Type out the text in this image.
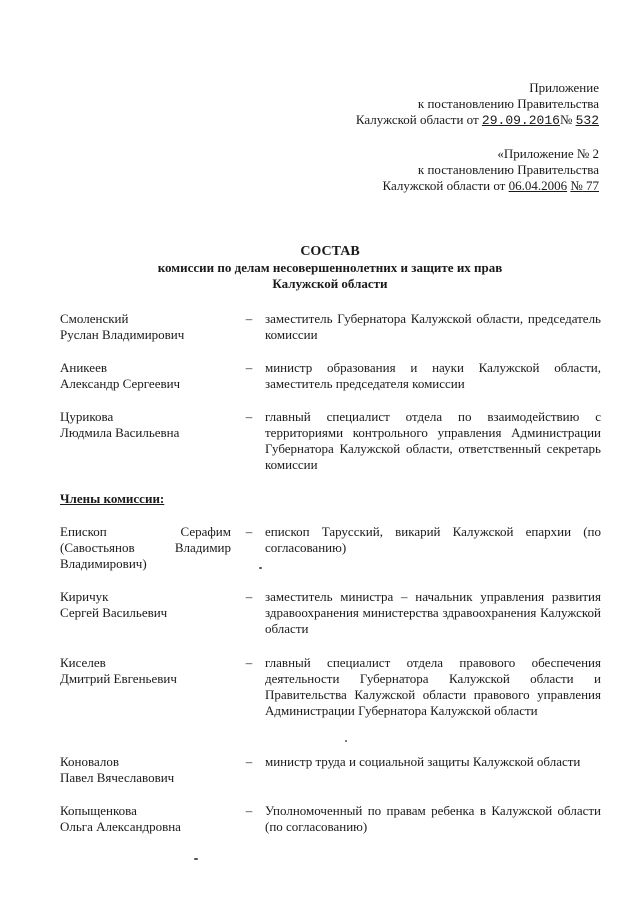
Приложение
к постановлению Правительства
Калужской области от 29.09.2016№ 532
«Приложение № 2
к постановлению Правительства
Калужской области от 06.04.2006 № 77
СОСТАВ
комиссии по делам несовершеннолетних и защите их прав
Калужской области
Смоленский
Руслан Владимирович
– заместитель Губернатора Калужской области, председатель комиссии
Аникеев
Александр Сергеевич
– министр образования и науки Калужской области, заместитель председателя комиссии
Цурикова
Людмила Васильевна
– главный специалист отдела по взаимодействию с территориями контрольного управления Администрации Губернатора Калужской области, ответственный секретарь комиссии
Члены комиссии:
Епископ Серафим
(Савостьянов Владимир
Владимирович)
– епископ Тарусский, викарий Калужской епархии (по согласованию)
Киричук
Сергей Васильевич
– заместитель министра – начальник управления развития здравоохранения министерства здравоохранения Калужской области
Киселев
Дмитрий Евгеньевич
– главный специалист отдела правового обеспечения деятельности Губернатора Калужской области и Правительства Калужской области правового управления Администрации Губернатора Калужской области
Коновалов
Павел Вячеславович
– министр труда и социальной защиты Калужской области
Копыщенкова
Ольга Александровна
– Уполномоченный по правам ребенка в Калужской области (по согласованию)
